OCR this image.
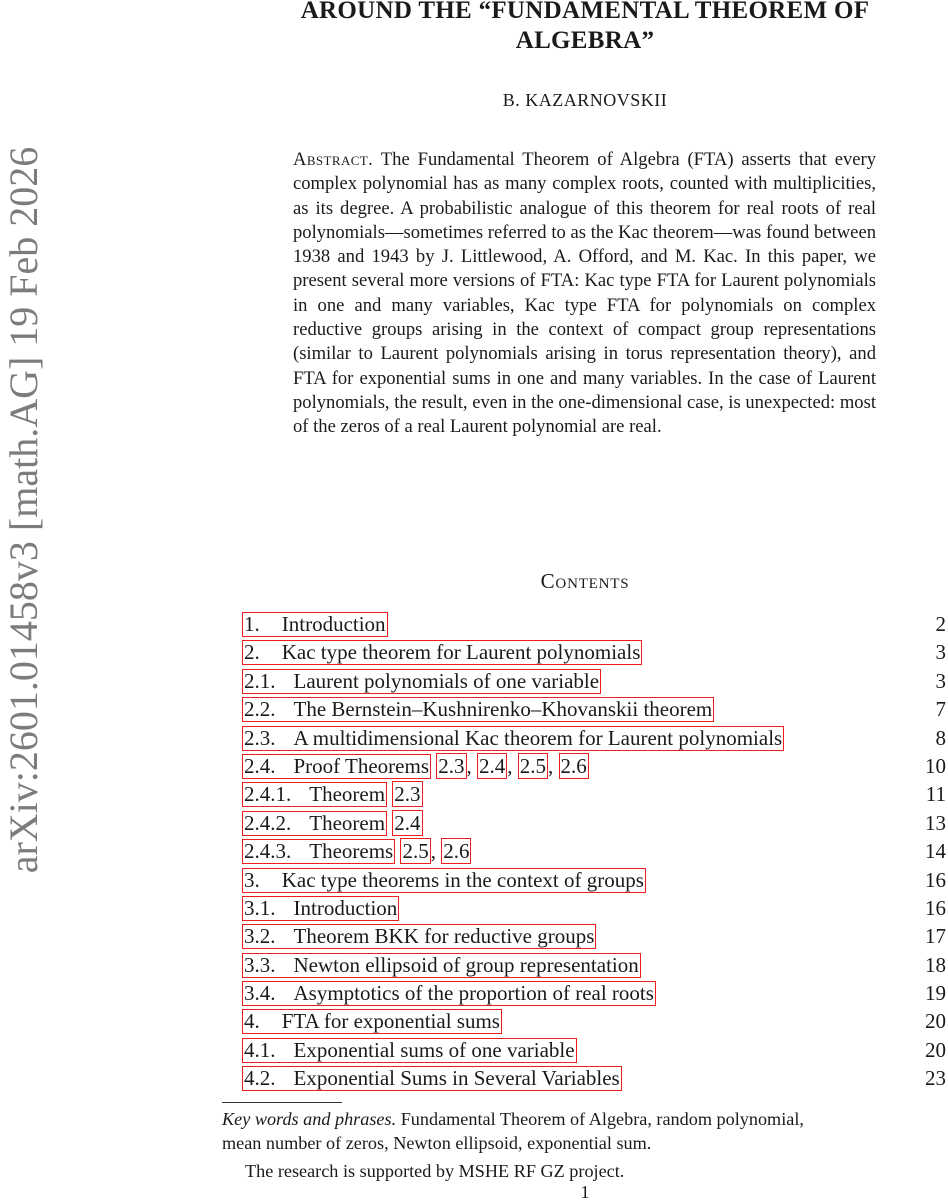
arXiv:2601.01458v3 [math.AG] 19 Feb 2026
AROUND THE “FUNDAMENTAL THEOREM OF
ALGEBRA”
B. KAZARNOVSKII
Abstract. The Fundamental Theorem of Algebra (FTA) asserts that every complex polynomial has as many complex roots, counted with multiplicities, as its degree. A probabilistic analogue of this theorem for real roots of real polynomials—sometimes referred to as the Kac theorem—was found between 1938 and 1943 by J. Littlewood, A. Offord, and M. Kac. In this paper, we present several more versions of FTA: Kac type FTA for Laurent polynomials in one and many variables, Kac type FTA for polynomials on complex reductive groups arising in the context of compact group representations (similar to Laurent polynomials arising in torus representation theory), and FTA for exponential sums in one and many variables. In the case of Laurent polynomials, the result, even in the one-dimensional case, is unexpected: most of the zeros of a real Laurent polynomial are real.
Contents
1. Introduction	2
2. Kac type theorem for Laurent polynomials	3
2.1. Laurent polynomials of one variable	3
2.2. The Bernstein–Kushnirenko–Khovanskii theorem	7
2.3. A multidimensional Kac theorem for Laurent polynomials	8
2.4. Proof Theorems 2.3, 2.4, 2.5, 2.6	10
2.4.1. Theorem 2.3	11
2.4.2. Theorem 2.4	13
2.4.3. Theorems 2.5, 2.6	14
3. Kac type theorems in the context of groups	16
3.1. Introduction	16
3.2. Theorem BKK for reductive groups	17
3.3. Newton ellipsoid of group representation	18
3.4. Asymptotics of the proportion of real roots	19
4. FTA for exponential sums	20
4.1. Exponential sums of one variable	20
4.2. Exponential Sums in Several Variables	23
Key words and phrases. Fundamental Theorem of Algebra, random polynomial,
mean number of zeros, Newton ellipsoid, exponential sum.
The research is supported by MSHE RF GZ project.
1
